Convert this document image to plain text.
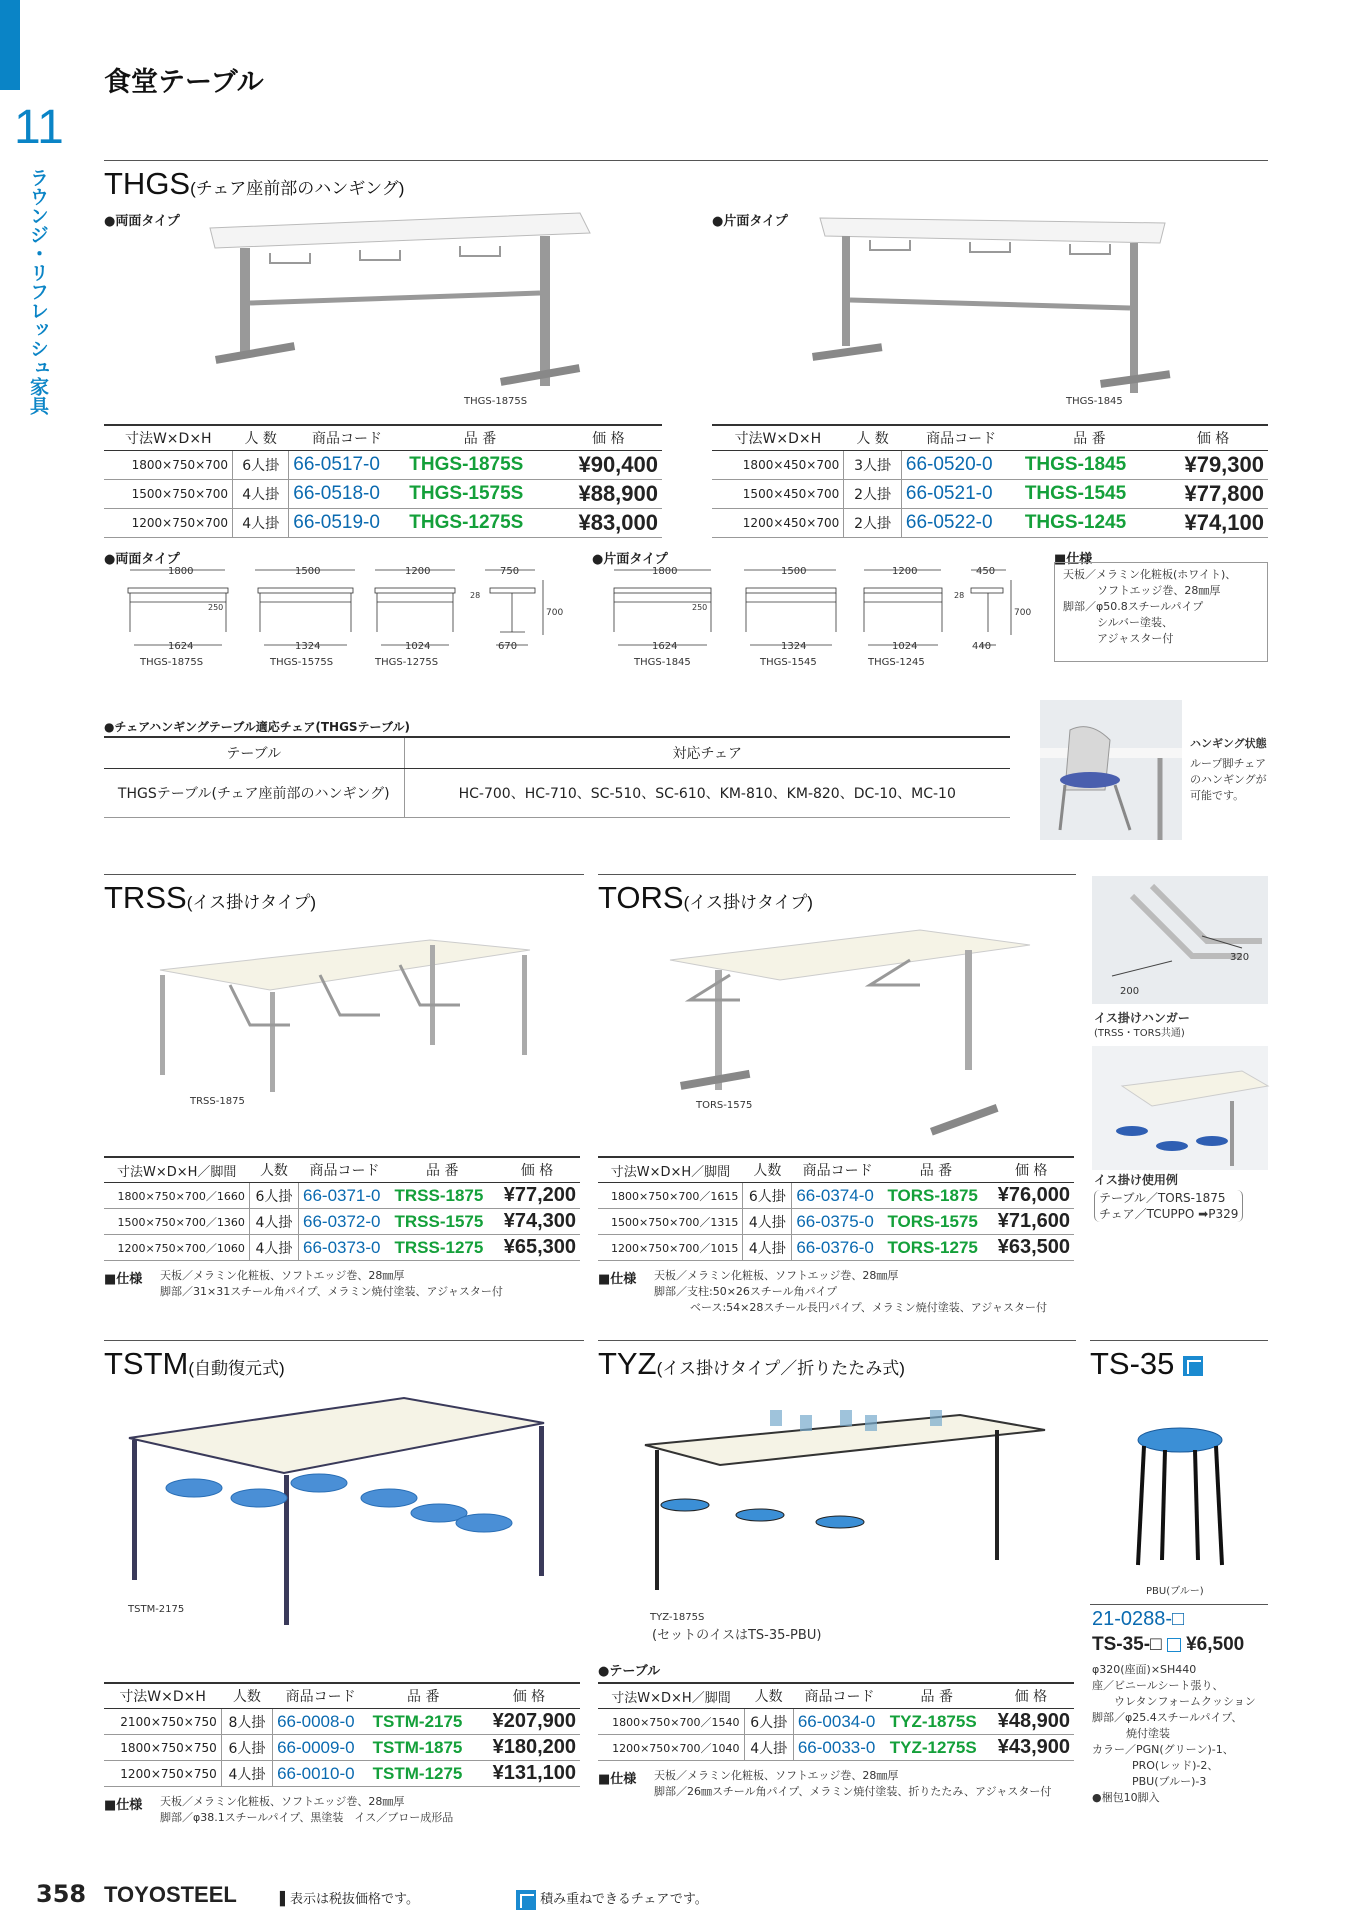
11
ラウンジ・リフレッシュ家具
食堂テーブル
THGS(チェア座前部のハンギング)
●両面タイプ
THGS-1875S
●片面タイプ
THGS-1845
寸法W×D×H	人 数	商品コード	品 番	価 格
1800×750×700	6人掛	66-0517-0	THGS-1875S	¥90,400
1500×750×700	4人掛	66-0518-0	THGS-1575S	¥88,900
1200×750×700	4人掛	66-0519-0	THGS-1275S	¥83,000
寸法W×D×H	人 数	商品コード	品 番	価 格
1800×450×700	3人掛	66-0520-0	THGS-1845	¥79,300
1500×450×700	2人掛	66-0521-0	THGS-1545	¥77,800
1200×450×700	2人掛	66-0522-0	THGS-1245	¥74,100
●両面タイプ
1800	1500	1200	750
250
28
700
1624	1324	1024	670
THGS-1875S	THGS-1575S	THGS-1275S
●片面タイプ
1800	1500	1200	450
250
28
700
1624	1324	1024	440
THGS-1845	THGS-1545	THGS-1245
■仕様
天板／メラミン化粧板(ホワイト)、
ソフトエッジ巻、28㎜厚
脚部／φ50.8スチールパイプ
シルバー塗装、
アジャスター付
●チェアハンギングテーブル適応チェア(THGSテーブル)
テーブル	対応チェア
THGSテーブル(チェア座前部のハンギング)	HC-700、HC-710、SC-510、SC-610、KM-810、KM-820、DC-10、MC-10
ハンギング状態
ループ脚チェア
のハンギングが
可能です。
TRSS(イス掛けタイプ)	TORS(イス掛けタイプ)
TRSS-1875	TORS-1575
寸法W×D×H／脚間	人数	商品コード	品 番	価 格
1800×750×700／1660	6人掛	66-0371-0	TRSS-1875	¥77,200
1500×750×700／1360	4人掛	66-0372-0	TRSS-1575	¥74,300
1200×750×700／1060	4人掛	66-0373-0	TRSS-1275	¥65,300
■仕様 天板／メラミン化粧板、ソフトエッジ巻、28㎜厚
脚部／31×31スチール角パイプ、メラミン焼付塗装、アジャスター付
寸法W×D×H／脚間	人数	商品コード	品 番	価 格
1800×750×700／1615	6人掛	66-0374-0	TORS-1875	¥76,000
1500×750×700／1315	4人掛	66-0375-0	TORS-1575	¥71,600
1200×750×700／1015	4人掛	66-0376-0	TORS-1275	¥63,500
■仕様 天板／メラミン化粧板、ソフトエッジ巻、28㎜厚
脚部／支柱:50×26スチール角パイプ
ベース:54×28スチール長円パイプ、メラミン焼付塗装、アジャスター付
200
320
イス掛けハンガー
(TRSS・TORS共通)
イス掛け使用例
テーブル／TORS-1875
チェア／TCUPPO ➡P329
TSTM(自動復元式)	TYZ(イス掛けタイプ／折りたたみ式)	TS-35
TSTM-2175
TYZ-1875S
(セットのイスはTS-35-PBU)
●テーブル
PBU(ブルー)
寸法W×D×H	人数	商品コード	品 番	価 格
2100×750×750	8人掛	66-0008-0	TSTM-2175	¥207,900
1800×750×750	6人掛	66-0009-0	TSTM-1875	¥180,200
1200×750×750	4人掛	66-0010-0	TSTM-1275	¥131,100
■仕様 天板／メラミン化粧板、ソフトエッジ巻、28㎜厚
脚部／φ38.1スチールパイプ、黒塗装　イス／ブロー成形品
寸法W×D×H／脚間	人数	商品コード	品 番	価 格
1800×750×700／1540	6人掛	66-0034-0	TYZ-1875S	¥48,900
1200×750×700／1040	4人掛	66-0033-0	TYZ-1275S	¥43,900
■仕様 天板／メラミン化粧板、ソフトエッジ巻、28㎜厚
脚部／26㎜スチール角パイプ、メラミン焼付塗装、折りたたみ、アジャスター付
21-0288-□
TS-35-□ ¥6,500
φ320(座面)×SH440
座／ビニールシート張り、
ウレタンフォームクッション
脚部／φ25.4スチールパイプ、
焼付塗装
カラー／PGN(グリーン)-1、
PRO(レッド)-2、
PBU(ブルー)-3
●梱包10脚入
358 TOYOSTEEL	▌表示は税抜価格です。	積み重ねできるチェアです。
